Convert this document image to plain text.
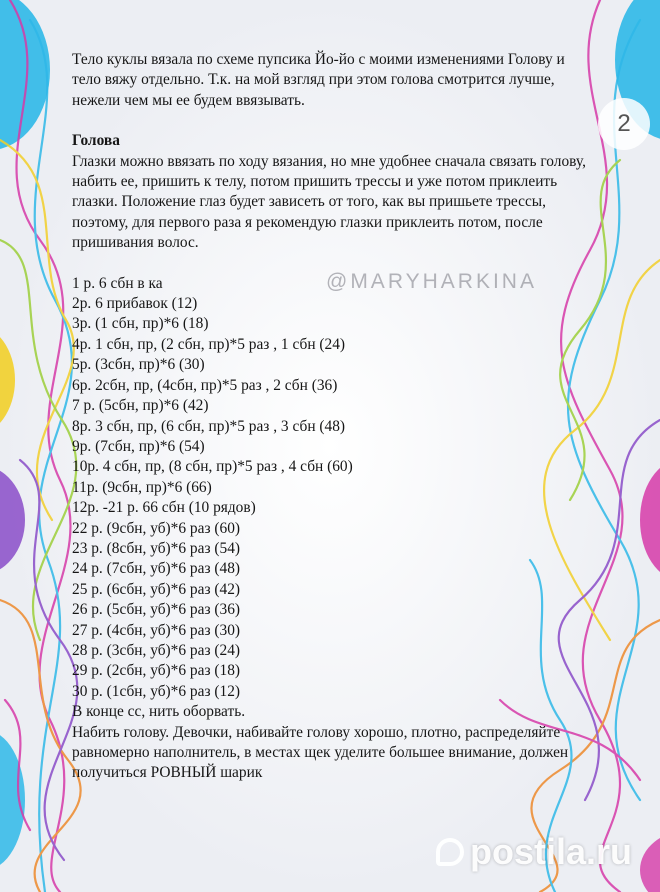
2
@MARYHARKINA

Тело куклы вязала по схеме пупсика Йо-йо с моими изменениями Голову и тело вяжу отдельно. Т.к. на мой взгляд при этом голова смотрится лучше, нежели чем мы ее будем ввязывать.

Голова

Глазки можно ввязать по ходу вязания, но мне удобнее сначала связать голову, набить ее, пришить к телу, потом пришить трессы и уже потом приклеить глазки. Положение глаз будет зависеть от того, как вы пришьете трессы, поэтому, для первого раза я рекомендую глазки приклеить потом, после пришивания волос.

1 р. 6 сбн в ка
2р. 6 прибавок (12)
3р. (1 сбн, пр)*6 (18)
4р. 1 сбн, пр, (2 сбн, пр)*5 раз , 1 сбн (24)
5р. (3сбн, пр)*6 (30)
6р. 2сбн, пр, (4сбн, пр)*5 раз , 2 сбн (36)
7 р. (5сбн, пр)*6 (42)
8р. 3 сбн, пр, (6 сбн, пр)*5 раз , 3 сбн (48)
9р. (7сбн, пр)*6 (54)
10р. 4 сбн, пр, (8 сбн, пр)*5 раз , 4 сбн (60)
11р. (9сбн, пр)*6 (66)
12р. -21 р. 66 сбн (10 рядов)
22 р. (9сбн, уб)*6 раз (60)
23 р. (8сбн, уб)*6 раз (54)
24 р. (7сбн, уб)*6 раз (48)
25 р. (6сбн, уб)*6 раз (42)
26 р. (5сбн, уб)*6 раз (36)
27 р. (4сбн, уб)*6 раз (30)
28 р. (3сбн, уб)*6 раз (24)
29 р. (2сбн, уб)*6 раз (18)
30 р. (1сбн, уб)*6 раз (12)

В конце сс, нить оборвать.

Набить голову. Девочки, набивайте голову хорошо, плотно, распределяйте равномерно наполнитель, в местах щек уделите большее внимание, должен получиться РОВНЫЙ шарик

postila.ru
